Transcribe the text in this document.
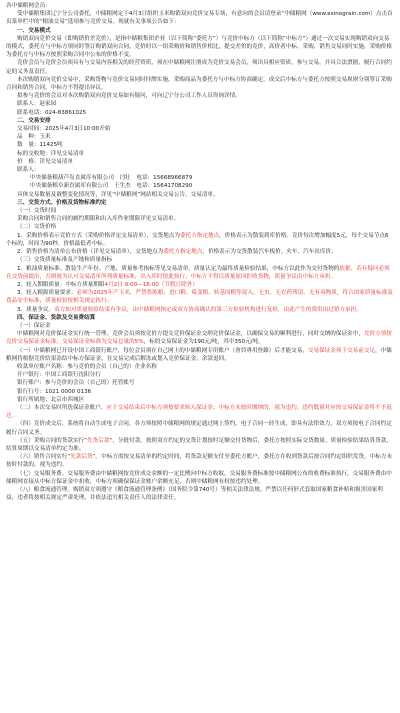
各中储粮网会员：

受中储粮集团辽宁分公司委托，中储粮网定于4月3日组织玉米购销双向竞价交易专场，有意向的会员请登录“中储粮网（www.esinograin.com）点击首页菜单栏中的“粮油交易”选项参与竞价交易。现就有关事项公告如下：

一、交易模式

购销双向竞价交易（即购销价差竞价），是指中储粮集团企业（以下简称“委托方”）与竞价中标方（以下简称“中标方”）通过一次交易实现购销双向交易的模式，委托方与中标方须同时签订购销双向合同，竞价时以一组采购价和销售价相比，提交差价的竞价，高价者中标。采购、销售交易同时实施，采购价格为委托方与中标方按照采购合同中公布的价格不变。

竞价会员与竞价会员须具有与交易内容相关的经营资质，须在中储粮网注册成为竞价交易会员，须出具相应资质，参与交易，开具合法票据，履行合同约定的义务及责任。

本次购销双向竞价交易中，采购货物与竞价交易同时挂牌实施，采购商品为委托方与中标方协商确定，成交后中标方与委托方按照交易规则分别签订采购合同和销售合同，中标方不得提出异议。

拟参与竞价的会员对本次购销双向竞价交易如有疑问，可向辽宁分公司工作人员咨询详情。

联系人：赵家园

联系电话：024-83861025

二、交易安排

交易时间：2025年4月3日10:00开始

品　种：玉米

数　量：11425吨

标的交收地：详见交易清单

价　格：详见交易清单

联系人：

中央储备粮葫芦岛直属库有限公司　 闫壮　 电话：15668966879

中央储备粮阜新直属库有限公司　 王生杰　 电话：15641708290

具体交易数量及调整变化情况等，详见“中储粮网”网站相关交易公告、交易清单。

三、交货方式、价格及货物标准约定

（一）交货时间

采购合同和销售合同的履约期限和出入库作业期限详见交易清单。

（二）交货价格

1．采购价格表示竞价方式（采购价格评定交易清单），交货地点为委托方指定地点，价格表示为散装到库价格。竞价每次增加幅度5元，每个交易节点6个标的，时间为90秒，价格最低者中标。

2．销售价格为清单公布价格（详见交易清单），交货地点为委托方指定地点，价格表示为交货散装汽车板价。火车、汽车出库价。

（三）交货质量标准及产地和质量指标

1．粮油质量标准。散装生产年份、产地、质量参考指标等见交易清单。质量认定为最终质量检验结果，中标方以此作为交付货物的依据，若有疑问必须在交货前提出，否则视为认可交易清单所列质量标准，出入库时按此执行。中标方不得以质量原因拒收货物，质量争议由中标方承担。

2．轮入期限质量：中标方质量期限4月2日 9:00—16:00（节假日除外）

3．轮入粮源质量要求：必须为2025年产玉米，严禁将陈粮、进口粮、霉变粮、转基因粮等混入，无虫、无农药残留、无有毒物质，符合国家质量标准及食品安全标准，质量检验按相关规定执行。

3．质量争议。双方如对质量检验结果有争议，由中储粮网指定或双方协商确认的第三方检验机构进行复检，由此产生的费用由过错方承担。

四、保证金、货款及交易费结算

（一）保证金

中储粮网对竞价保证金实行统一管理。竞价会员须按竞价方提交竞价保证金交纳竞价保证金，以确保交易的顺利进行，同时交纳的保证金中，竞价方须按竞价交易保证金标准，交易保证金标准为交易总量的5%，标的交易保证金为190元/吨，其中350元/吨。

（一）中储粮网已开设中国工商银行账户，每位会员须在自己网上的中储粮网专用账户（會員專用登錄）后才能交易，交易保证金须于交易前交足，中储粮网将根据竞价结果冻结中标方保证金，在交易完成后解冻或划入竞价保证金，余款退回。

收款单位账户名称：参与竞价的会员（自己的）企业名称

开户银行：中国工商银行沈阳分行

银行账户：参与竞价的会员（自己的）托管账号

银行行号：1021 0000 0136

银行所属地：北京市西城区

（二）本次交易时所选保证金账户，应于交易结束后中标方须按要求转入保证金；中标方未按时缴纳的，视为违约，违约数量对应的交易保证金将不予退还。

（四）竞价成交后，系统将自动生成电子合同，各方须按照中储粮网的规定通过网上签约，电子合同一经生成，即具有法律效力，双方须按电子合同约定履行合同义务。

（五）采购合同的货款实行“先货后款”，分批付款，按照双方约定的交货计划按时足额交付货物后，委托方按照实际交货数量、质量检验结果结算货款，结算周期以交易清单约定为准。

（六）销售合同实行“先款后货”。中标方需按交易清单的约定时间，将货款足额支付至委托方账户，委托方在收到货款后按合同约定组织发货，中标方未按时付款的，视为违约。

（七）交易服务费。交易服务费由中储粮网按竞价成交金额的一定比例向中标方收取，交易服务费标准按中储粮网公布的收费标准执行，交易服务费由中储粮网直接从中标方保证金中扣收，中标方须确保保证金账户余额充足，否则中储粮网有权按违约处理。

（八）粮食流通管理。购销双方须遵守《粮食流通管理条例》（国务院令第740号）等相关法律法规，严禁以任何形式套取国家粮食补贴和损害国家利益，违者将按相关规定严肃处理，并依法追究相关责任人的法律责任。
